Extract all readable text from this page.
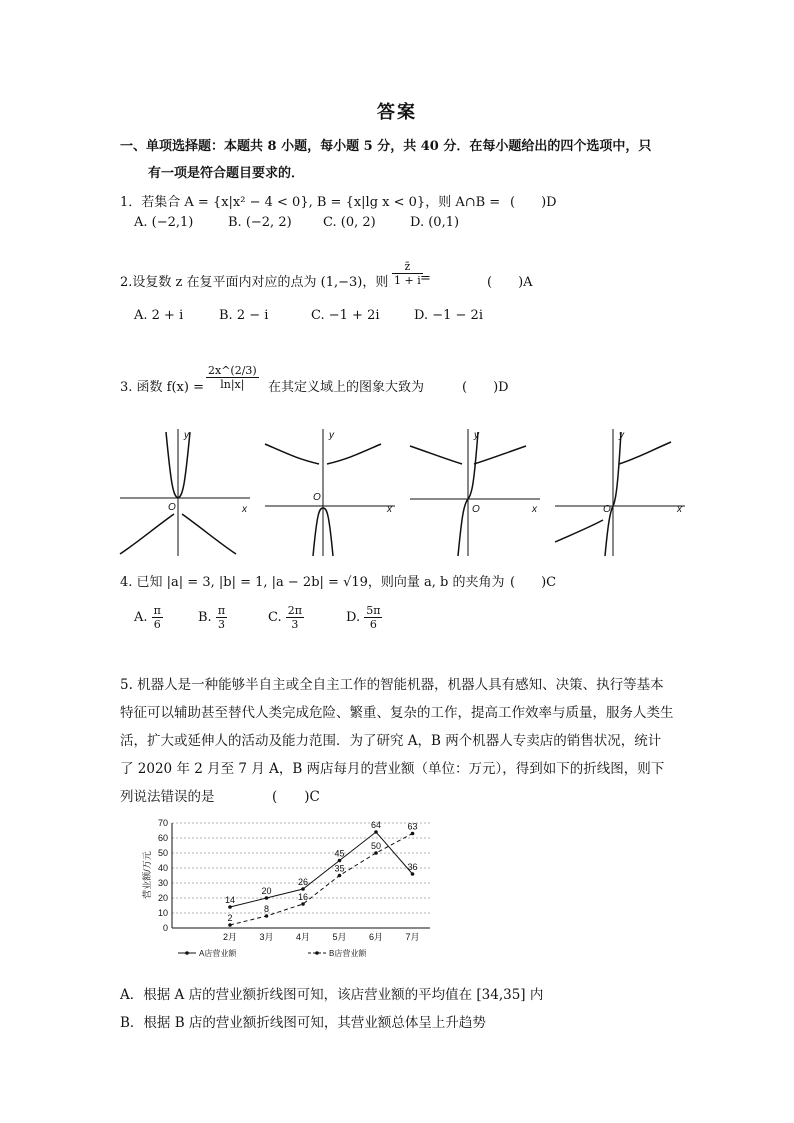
答案
一、单项选择题：本题共 8 小题，每小题 5 分，共 40 分．在每小题给出的四个选项中，只
有一项是符合题目要求的．
1．若集合 A = {x|x² − 4 < 0}, B = {x|lg x < 0}，则 A∩B = (　　)D
A. (−2,1)	B. (−2, 2) C. (0, 2)	D. (0,1)
2.设复数 z 在复平面内对应的点为 (1,−3)，则 $\frac{z̄}{1 + i}$
=	(　　)A
A. 2 + i	B. 2 − i	C. −1 + 2i	D. −1 − 2i
3. 函数 $f(x) = \frac{2x\^{}(2/3)}{\ln|x|}$ 在其定义域上的图象大致为	(　　)D
y
x
O
y
x
O
y
x
O
y
x
O
4. 已知 |a| = 3, |b| = 1, |a − 2b| = √19，则向量 a, b 的夹角为 (　　)C
A. $\frac{\pi}{6}$	B. $\frac{\pi}{3}$	C. $\frac{2\pi}{3}$	D. $\frac{5\pi}{6}$
5. 机器人是一种能够半自主或全自主工作的智能机器，机器人具有感知、决策、执行等基本
特征可以辅助甚至替代人类完成危险、繁重、复杂的工作，提高工作效率与质量，服务人类生
活，扩大或延伸人的活动及能力范围．为了研究 A，B 两个机器人专卖店的销售状况，统计
了 2020 年 2 月至 7 月 A，B 两店每月的营业额（单位：万元），得到如下的折线图，则下
列说法错误的是	(　　)C
0
10
20
30
40
50
60
70
营业额/万元
2月 3月 4月 5月 6月 7月
14
20
26
45
64
36
2
8
16
35
50
63
A店营业额	B店营业额
A．根据 A 店的营业额折线图可知，该店营业额的平均值在 [34,35] 内
B．根据 B 店的营业额折线图可知，其营业额总体呈上升趋势
